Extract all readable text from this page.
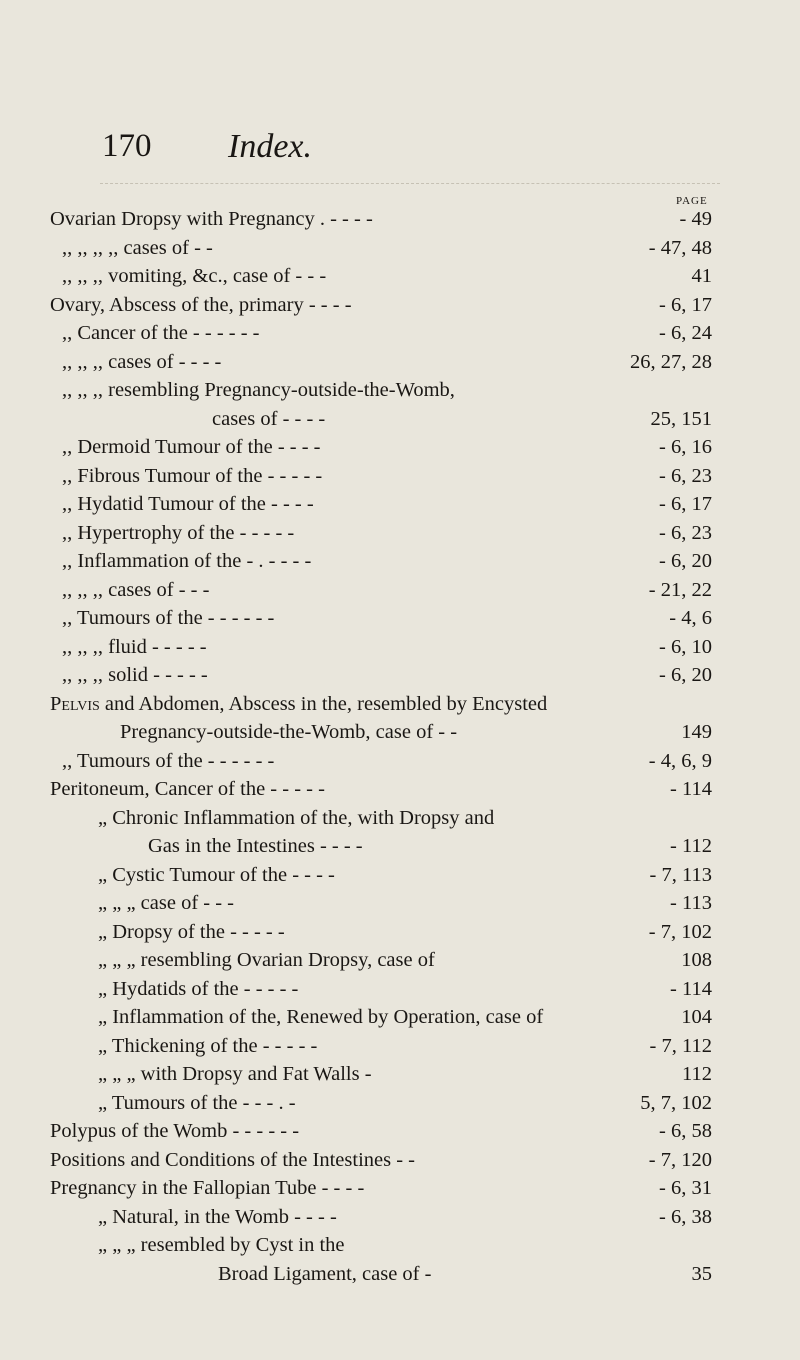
170 Index.
PAGE
Ovarian Dropsy with Pregnancy . - - - -	- 49
,, ,, ,, ,, cases of - -	- 47, 48
,, ,, ,, vomiting, &c., case of - - -	41
Ovary, Abscess of the, primary - - - -	- 6, 17
,, Cancer of the - - - - - -	- 6, 24
,, ,, ,, cases of - - - -	26, 27, 28
,, ,, ,, resembling Pregnancy-outside-the-Womb,
cases of - - - -	25, 151
,, Dermoid Tumour of the - - - -	- 6, 16
,, Fibrous Tumour of the - - - - -	- 6, 23
,, Hydatid Tumour of the - - - -	- 6, 17
,, Hypertrophy of the - - - - -	- 6, 23
,, Inflammation of the - . - - - -	- 6, 20
,, ,, ,, cases of - - -	- 21, 22
,, Tumours of the - - - - - -	- 4, 6
,, ,, ,, fluid - - - - -	- 6, 10
,, ,, ,, solid - - - - -	- 6, 20
Pelvis and Abdomen, Abscess in the, resembled by Encysted
Pregnancy-outside-the-Womb, case of - -	149
,, Tumours of the - - - - - -	- 4, 6, 9
Peritoneum, Cancer of the - - - - -	- 114
„ Chronic Inflammation of the, with Dropsy and
Gas in the Intestines - - - -	- 112
„ Cystic Tumour of the - - - -	- 7, 113
„ „ „ case of - - -	- 113
„ Dropsy of the - - - - -	- 7, 102
„ „ „ resembling Ovarian Dropsy, case of	108
„ Hydatids of the - - - - -	- 114
„ Inflammation of the, Renewed by Operation, case of	104
„ Thickening of the - - - - -	- 7, 112
„ „ „ with Dropsy and Fat Walls -	112
„ Tumours of the - - - . -	5, 7, 102
Polypus of the Womb - - - - - -	- 6, 58
Positions and Conditions of the Intestines - -	- 7, 120
Pregnancy in the Fallopian Tube - - - -	- 6, 31
„ Natural, in the Womb - - - -	- 6, 38
„ „ „ resembled by Cyst in the
Broad Ligament, case of -	35
